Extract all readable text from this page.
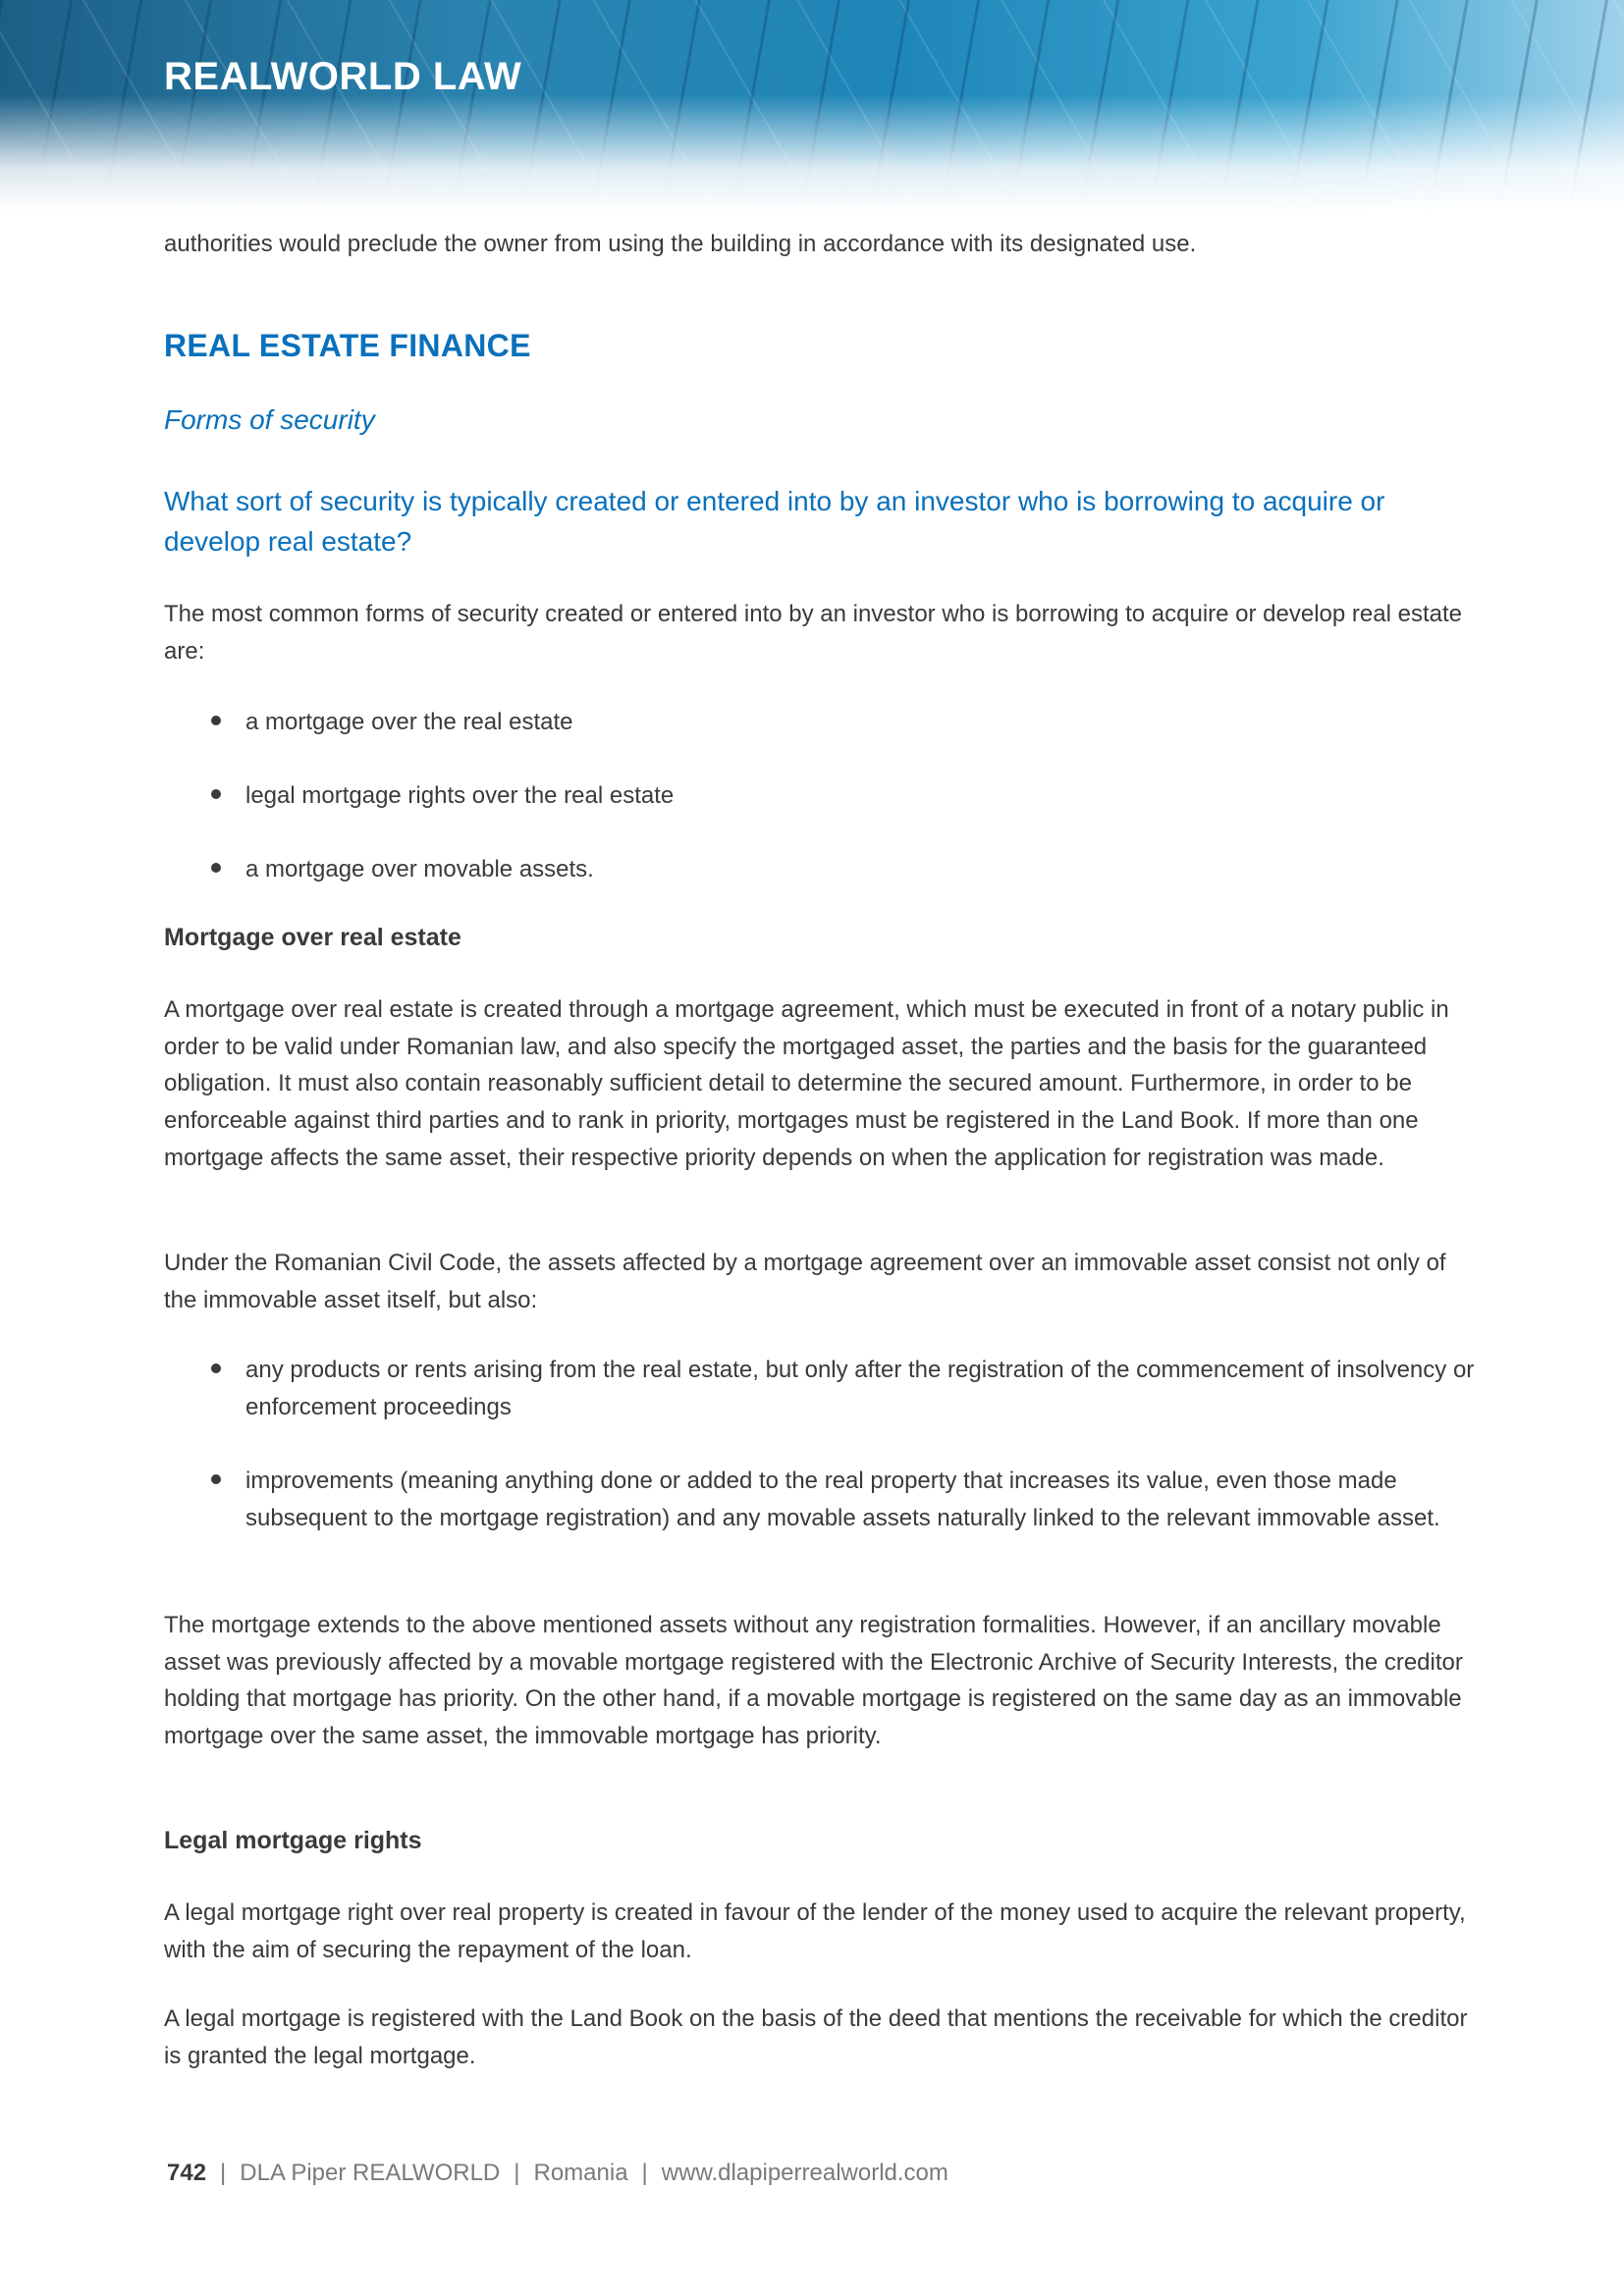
REALWORLD LAW

authorities would preclude the owner from using the building in accordance with its designated use.

REAL ESTATE FINANCE
Forms of security

What sort of security is typically created or entered into by an investor who is borrowing to acquire or develop real estate?

The most common forms of security created or entered into by an investor who is borrowing to acquire or develop real estate are:

a mortgage over the real estate
legal mortgage rights over the real estate
a mortgage over movable assets.
Mortgage over real estate

A mortgage over real estate is created through a mortgage agreement, which must be executed in front of a notary public in order to be valid under Romanian law, and also specify the mortgaged asset, the parties and the basis for the guaranteed obligation. It must also contain reasonably sufficient detail to determine the secured amount. Furthermore, in order to be enforceable against third parties and to rank in priority, mortgages must be registered in the Land Book. If more than one mortgage affects the same asset, their respective priority depends on when the application for registration was made.

Under the Romanian Civil Code, the assets affected by a mortgage agreement over an immovable asset consist not only of the immovable asset itself, but also:

any products or rents arising from the real estate, but only after the registration of the commencement of insolvency or enforcement proceedings
improvements (meaning anything done or added to the real property that increases its value, even those made subsequent to the mortgage registration) and any movable assets naturally linked to the relevant immovable asset.

The mortgage extends to the above mentioned assets without any registration formalities. However, if an ancillary movable asset was previously affected by a movable mortgage registered with the Electronic Archive of Security Interests, the creditor holding that mortgage has priority. On the other hand, if a movable mortgage is registered on the same day as an immovable mortgage over the same asset, the immovable mortgage has priority.

Legal mortgage rights

A legal mortgage right over real property is created in favour of the lender of the money used to acquire the relevant property, with the aim of securing the repayment of the loan.

A legal mortgage is registered with the Land Book on the basis of the deed that mentions the receivable for which the creditor is granted the legal mortgage.

742 | DLA Piper REALWORLD | Romania | www.dlapiperrealworld.com
